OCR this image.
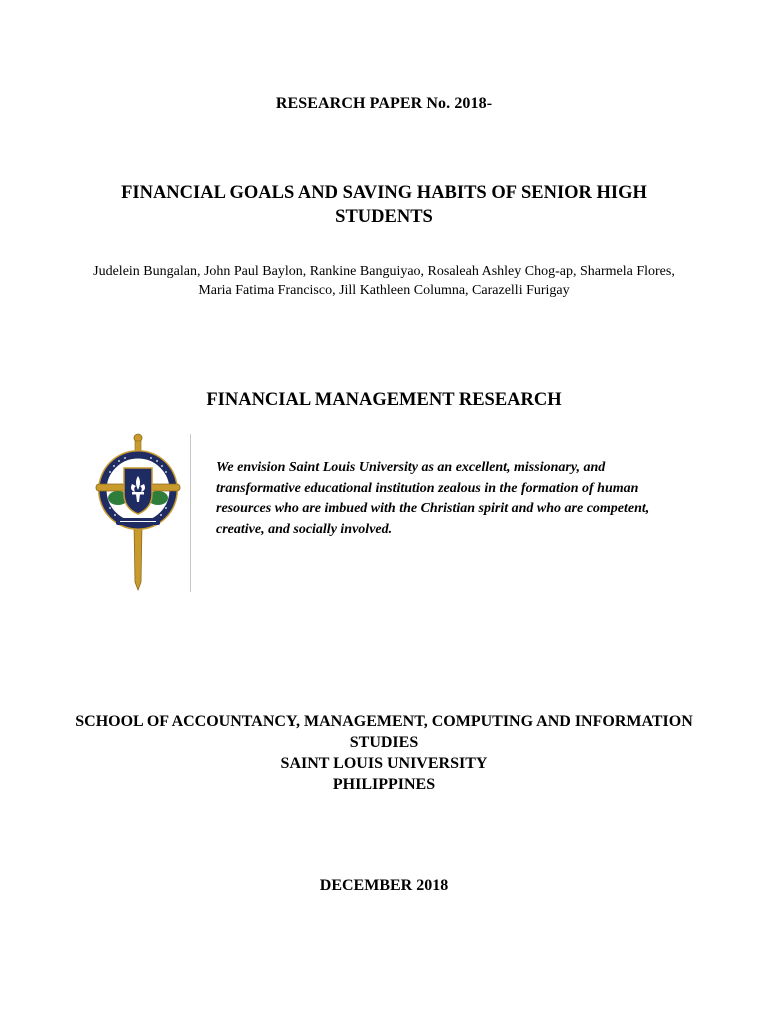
RESEARCH PAPER No. 2018-
FINANCIAL GOALS AND SAVING HABITS OF SENIOR HIGH STUDENTS
Judelein Bungalan, John Paul Baylon, Rankine Banguiyao, Rosaleah Ashley Chog-ap, Sharmela Flores, Maria Fatima Francisco, Jill Kathleen Columna, Carazelli Furigay
FINANCIAL MANAGEMENT RESEARCH
We envision Saint Louis University as an excellent, missionary, and transformative educational institution zealous in the formation of human resources who are imbued with the Christian spirit and who are competent, creative, and socially involved.
SCHOOL OF ACCOUNTANCY, MANAGEMENT, COMPUTING AND INFORMATION STUDIES
SAINT LOUIS UNIVERSITY
PHILIPPINES
DECEMBER 2018
